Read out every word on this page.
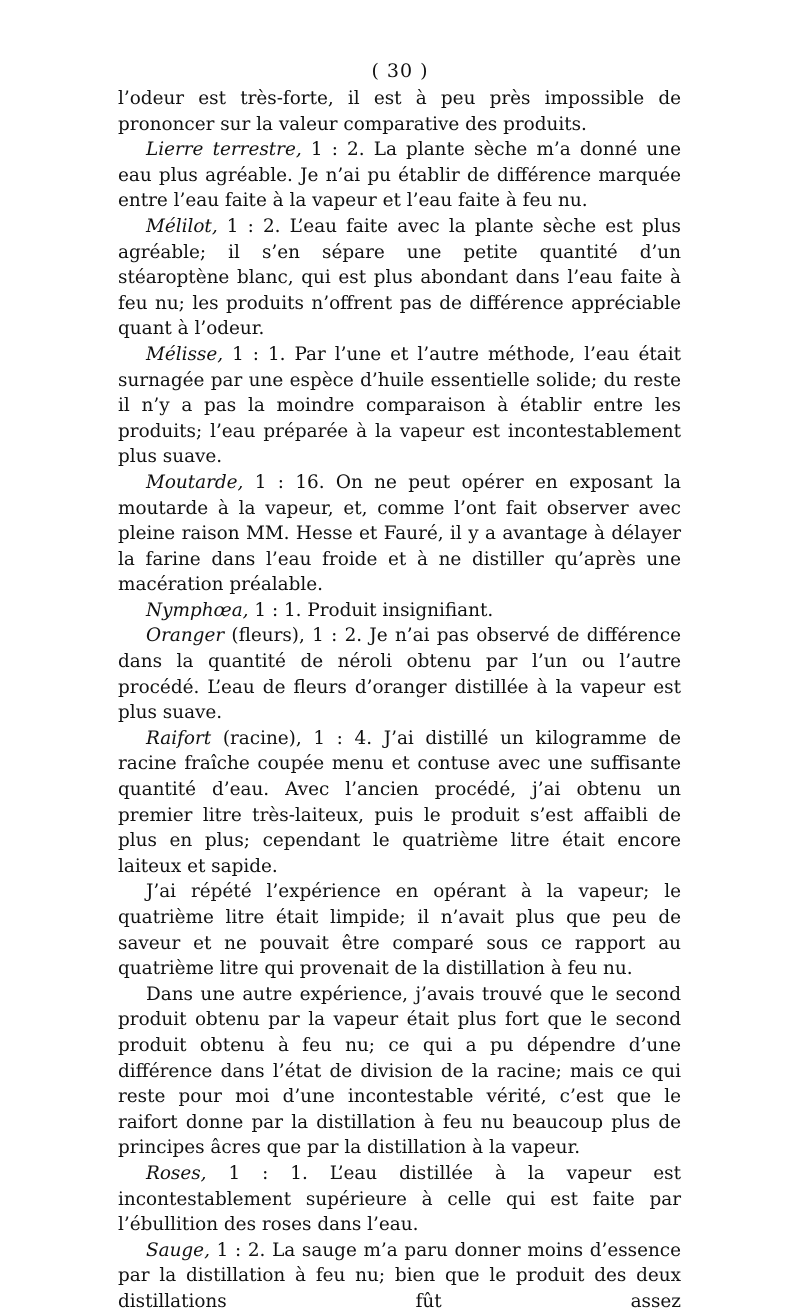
( 30 )

l’odeur est très-forte, il est à peu près impossible de prononcer sur la valeur comparative des produits.

Lierre terrestre, 1 : 2. La plante sèche m’a donné une eau plus agréable. Je n’ai pu établir de différence marquée entre l’eau faite à la vapeur et l’eau faite à feu nu.

Mélilot, 1 : 2. L’eau faite avec la plante sèche est plus agréable; il s’en sépare une petite quantité d’un stéaroptène blanc, qui est plus abondant dans l’eau faite à feu nu; les produits n’offrent pas de différence appréciable quant à l’odeur.

Mélisse, 1 : 1. Par l’une et l’autre méthode, l’eau était surnagée par une espèce d’huile essentielle solide; du reste il n’y a pas la moindre comparaison à établir entre les produits; l’eau préparée à la vapeur est incontestablement plus suave.

Moutarde, 1 : 16. On ne peut opérer en exposant la moutarde à la vapeur, et, comme l’ont fait observer avec pleine raison MM. Hesse et Fauré, il y a avantage à délayer la farine dans l’eau froide et à ne distiller qu’après une macération préalable.

Nymphœa, 1 : 1. Produit insignifiant.

Oranger (fleurs), 1 : 2. Je n’ai pas observé de différence dans la quantité de néroli obtenu par l’un ou l’autre procédé. L’eau de fleurs d’oranger distillée à la vapeur est plus suave.

Raifort (racine), 1 : 4. J’ai distillé un kilogramme de racine fraîche coupée menu et contuse avec une suffisante quantité d’eau. Avec l’ancien procédé, j’ai obtenu un premier litre très-laiteux, puis le produit s’est affaibli de plus en plus; cependant le quatrième litre était encore laiteux et sapide.

J’ai répété l’expérience en opérant à la vapeur; le quatrième litre était limpide; il n’avait plus que peu de saveur et ne pouvait être comparé sous ce rapport au quatrième litre qui provenait de la distillation à feu nu.

Dans une autre expérience, j’avais trouvé que le second produit obtenu par la vapeur était plus fort que le second produit obtenu à feu nu; ce qui a pu dépendre d’une différence dans l’état de division de la racine; mais ce qui reste pour moi d’une incontestable vérité, c’est que le raifort donne par la distillation à feu nu beaucoup plus de principes âcres que par la distillation à la vapeur.

Roses, 1 : 1. L’eau distillée à la vapeur est incontestablement supérieure à celle qui est faite par l’ébullition des roses dans l’eau.

Sauge, 1 : 2. La sauge m’a paru donner moins d’essence par la distillation à feu nu; bien que le produit des deux distillations fût assez
